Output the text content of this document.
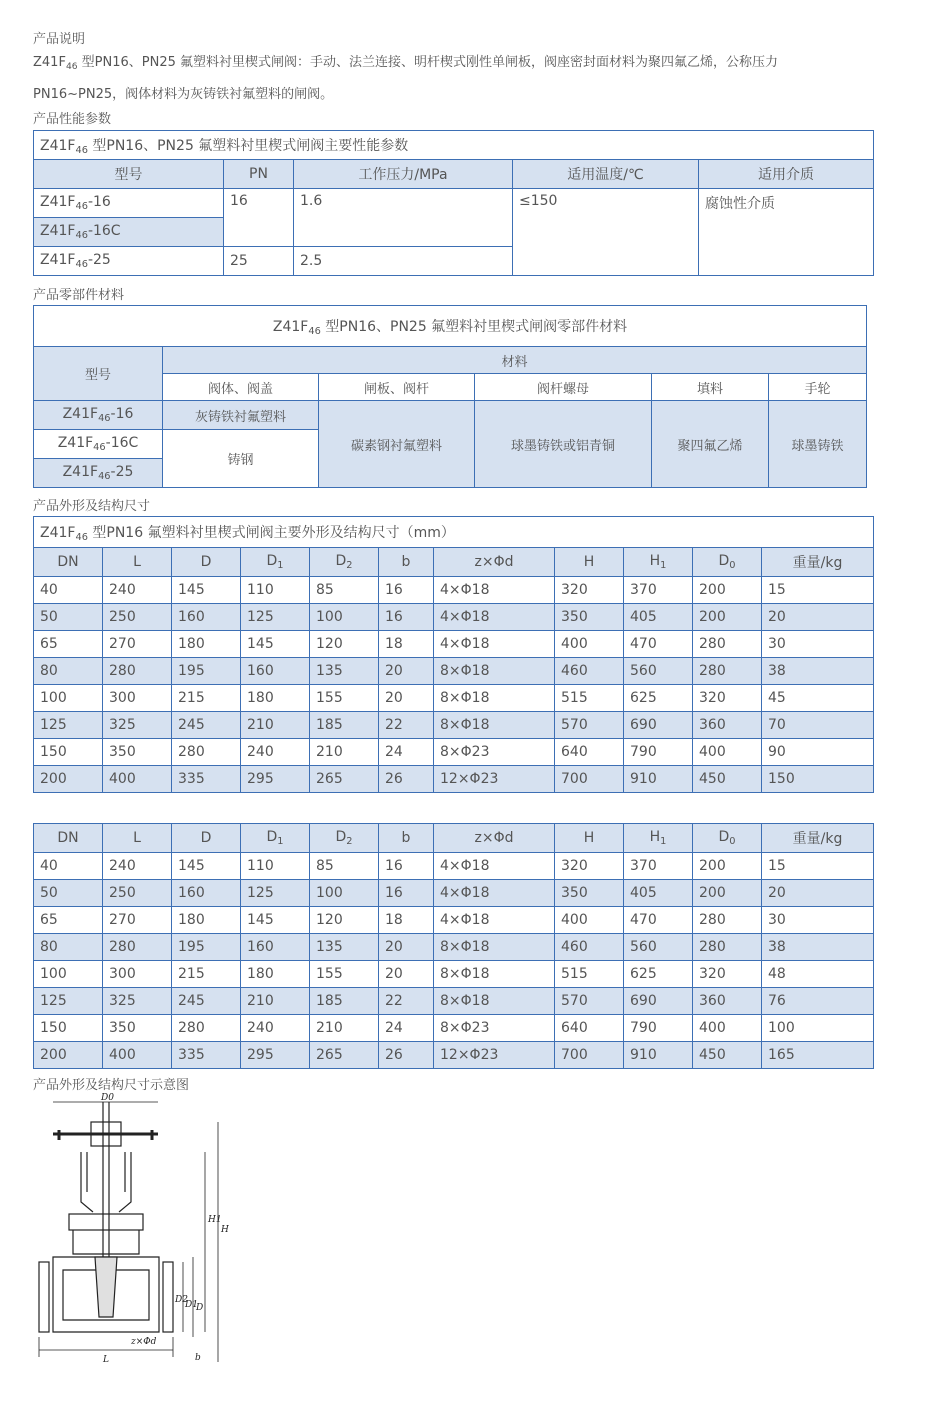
产品说明
$Z41F_{46}$ 型PN16、PN25 氟塑料衬里楔式闸阀：手动、法兰连接、明杆楔式刚性单闸板，阀座密封面材料为聚四氟乙烯，公称压力
PN16~PN25，阀体材料为灰铸铁衬氟塑料的闸阀。
产品性能参数
$Z41F_{46}$ 型PN16、PN25 氟塑料衬里楔式闸阀主要性能参数				
型号	PN	工作压力/MPa	适用温度/℃	适用介质
$Z41F_{46}-16$	16	1.6	≤150	腐蚀性介质
$Z41F_{46}-16C$				
$Z41F_{46}-25$	25	2.5		
产品零部件材料
$Z41F_{46}$ 型PN16、PN25 氟塑料衬里楔式闸阀零部件材料					
型号	材料				
	阀体、阀盖	闸板、阀杆	阀杆螺母	填料	手轮
$Z41F_{46}-16$	灰铸铁衬氟塑料	碳素钢衬氟塑料	球墨铸铁或铝青铜	聚四氟乙烯	球墨铸铁
$Z41F_{46}-16C$	铸钢				
$Z41F_{46}-25$					
产品外形及结构尺寸
$Z41F_{46}$ 型PN16 氟塑料衬里楔式闸阀主要外形及结构尺寸（mm）										
DN	L	D	$D_1$	$D_2$	b	z×Φd	H	$H_1$	$D_0$	重量/kg
40	240	145	110	85	16	4×Φ18	320	370	200	15
50	250	160	125	100	16	4×Φ18	350	405	200	20
65	270	180	145	120	18	4×Φ18	400	470	280	30
80	280	195	160	135	20	8×Φ18	460	560	280	38
100	300	215	180	155	20	8×Φ18	515	625	320	45
125	325	245	210	185	22	8×Φ18	570	690	360	70
150	350	280	240	210	24	8×Φ23	640	790	400	90
200	400	335	295	265	26	12×Φ23	700	910	450	150
DN	L	D	$D_1$	$D_2$	b	z×Φd	H	$H_1$	$D_0$	重量/kg
40	240	145	110	85	16	4×Φ18	320	370	200	15
50	250	160	125	100	16	4×Φ18	350	405	200	20
65	270	180	145	120	18	4×Φ18	400	470	280	30
80	280	195	160	135	20	8×Φ18	460	560	280	38
100	300	215	180	155	20	8×Φ18	515	625	320	48
125	325	245	210	185	22	8×Φ18	570	690	360	76
150	350	280	240	210	24	8×Φ23	640	790	400	100
200	400	335	295	265	26	12×Φ23	700	910	450	165
产品外形及结构尺寸示意图
D0
H1
H
D2
D1
D
L
z×Φd
b
